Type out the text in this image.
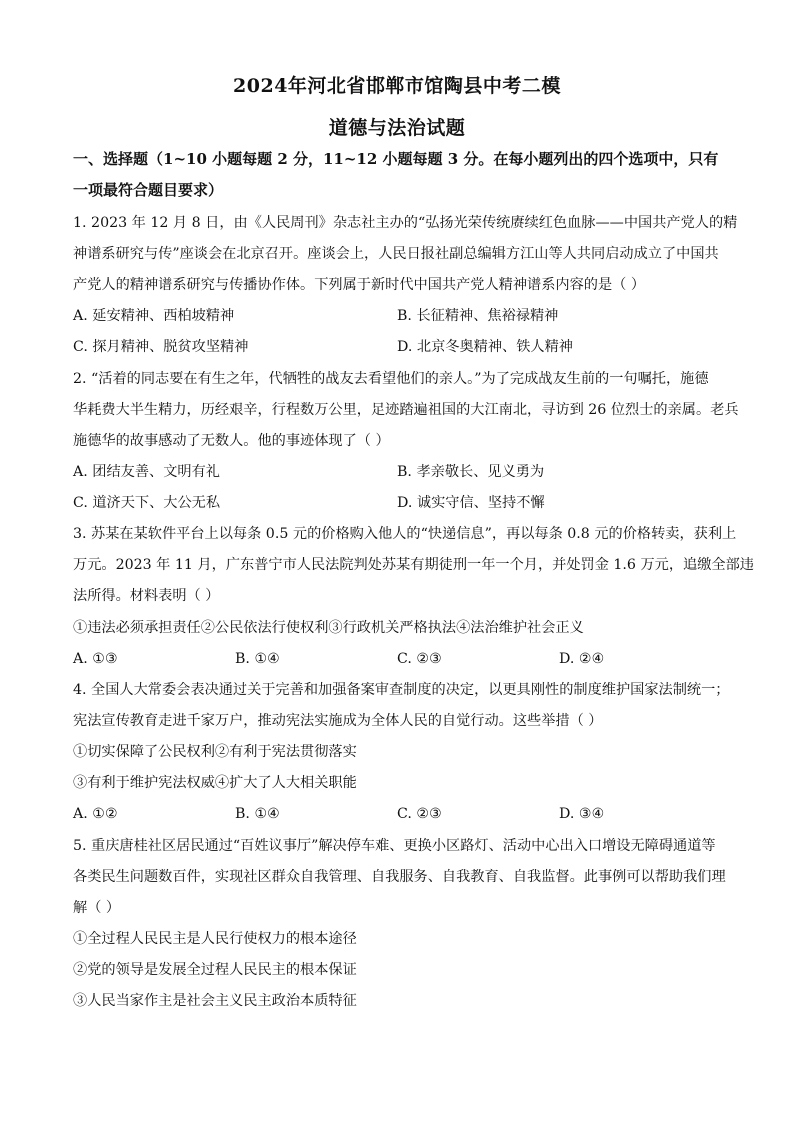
2024年河北省邯郸市馆陶县中考二模
道德与法治试题
一、选择题（1~10 小题每题 2 分，11~12 小题每题 3 分。在每小题列出的四个选项中，只有
一项最符合题目要求）
1. 2023 年 12 月 8 日，由《人民周刊》杂志社主办的“弘扬光荣传统赓续红色血脉——中国共产党人的精
神谱系研究与传”座谈会在北京召开。座谈会上，人民日报社副总编辑方江山等人共同启动成立了中国共
产党人的精神谱系研究与传播协作体。下列属于新时代中国共产党人精神谱系内容的是（ ）
A. 延安精神、西柏坡精神	B. 长征精神、焦裕禄精神
C. 探月精神、脱贫攻坚精神	D. 北京冬奥精神、铁人精神
2. “活着的同志要在有生之年，代牺牲的战友去看望他们的亲人。”为了完成战友生前的一句嘱托，施德
华耗费大半生精力，历经艰辛，行程数万公里，足迹踏遍祖国的大江南北，寻访到 26 位烈士的亲属。老兵
施德华的故事感动了无数人。他的事迹体现了（ ）
A. 团结友善、文明有礼	B. 孝亲敬长、见义勇为
C. 道济天下、大公无私	D. 诚实守信、坚持不懈
3. 苏某在某软件平台上以每条 0.5 元的价格购入他人的“快递信息”，再以每条 0.8 元的价格转卖，获利上
万元。2023 年 11 月，广东普宁市人民法院判处苏某有期徒刑一年一个月，并处罚金 1.6 万元，追缴全部违
法所得。材料表明（ ）
①违法必须承担责任②公民依法行使权利③行政机关严格执法④法治维护社会正义
A. ①③	B. ①④	C. ②③	D. ②④
4. 全国人大常委会表决通过关于完善和加强备案审查制度的决定，以更具刚性的制度维护国家法制统一；
宪法宣传教育走进千家万户，推动宪法实施成为全体人民的自觉行动。这些举措（ ）
①切实保障了公民权利②有利于宪法贯彻落实
③有利于维护宪法权威④扩大了人大相关职能
A. ①②	B. ①④	C. ②③	D. ③④
5. 重庆唐桂社区居民通过“百姓议事厅”解决停车难、更换小区路灯、活动中心出入口增设无障碍通道等
各类民生问题数百件，实现社区群众自我管理、自我服务、自我教育、自我监督。此事例可以帮助我们理
解（ ）
①全过程人民民主是人民行使权力的根本途径
②党的领导是发展全过程人民民主的根本保证
③人民当家作主是社会主义民主政治本质特征
